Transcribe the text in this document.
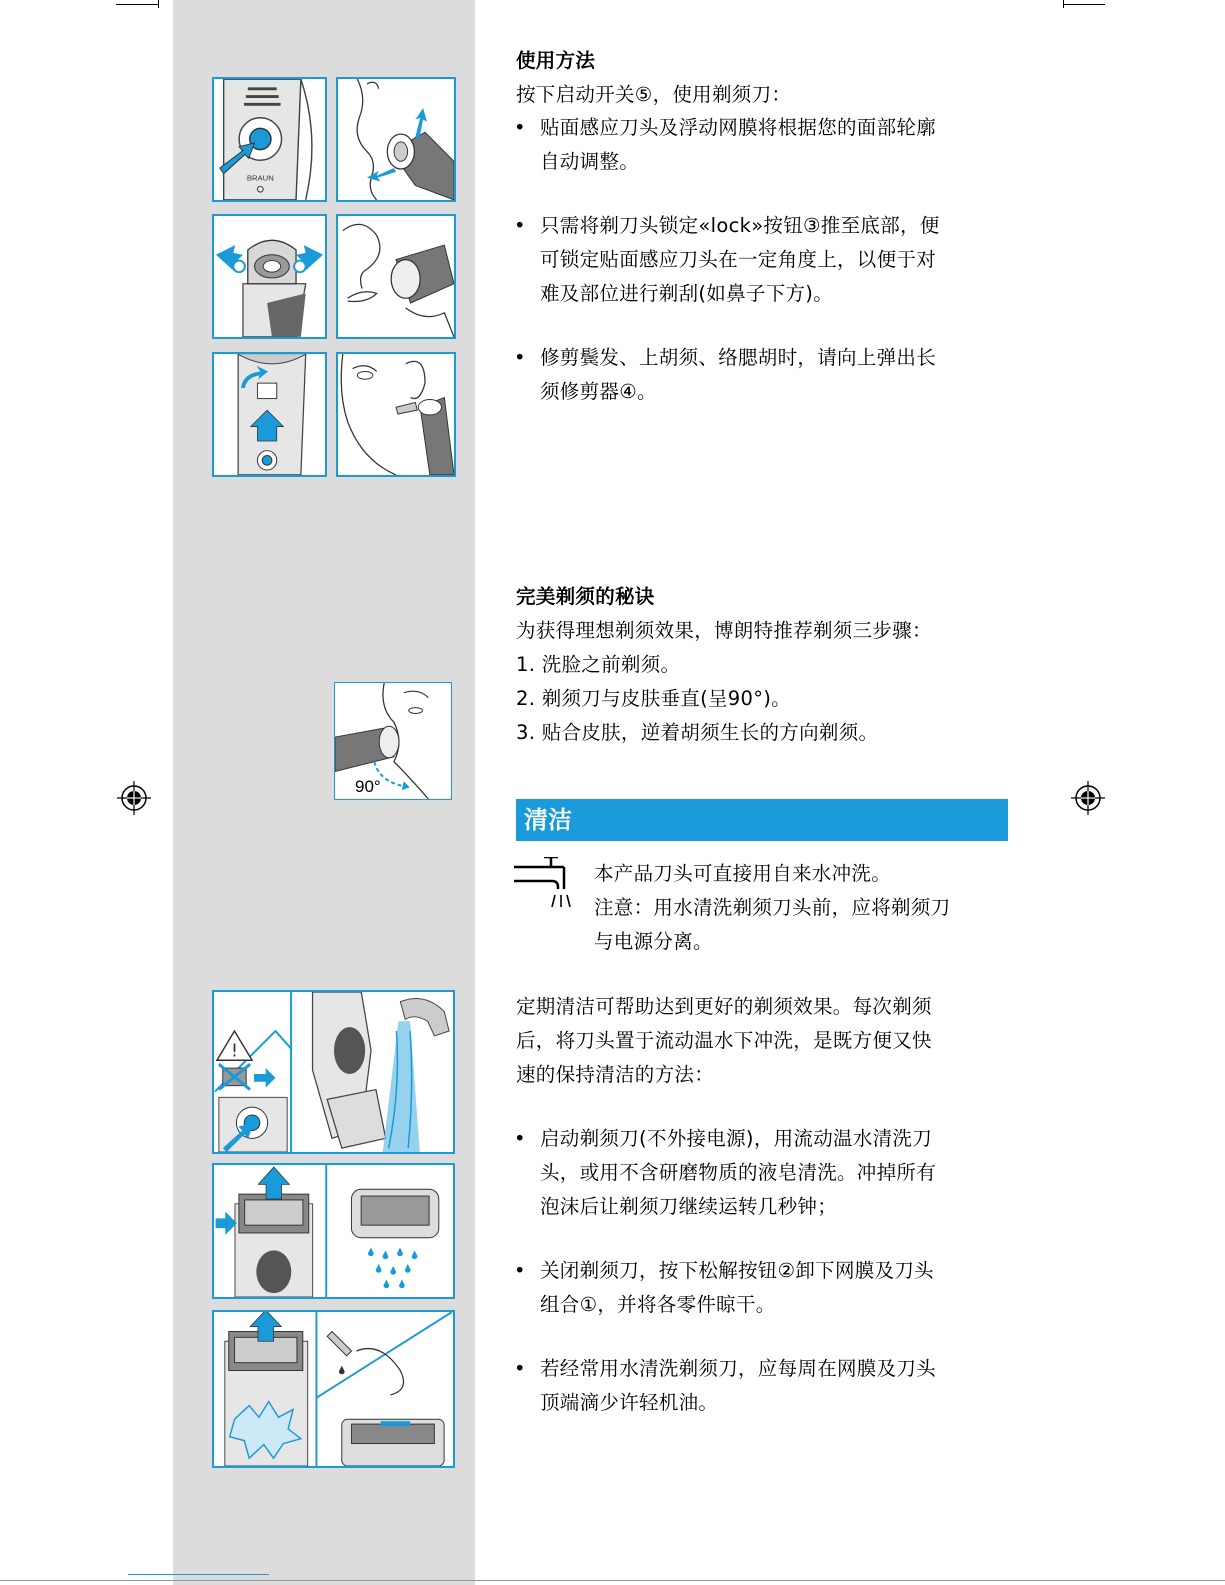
BRAUN
90°
!
使用方法
按下启动开关⑤，使用剃须刀：
• 贴面感应刀头及浮动网膜将根据您的面部轮廓
自动调整。
• 只需将剃刀头锁定«lock»按钮③推至底部，便
可锁定贴面感应刀头在一定角度上，以便于对
难及部位进行剃刮(如鼻子下方)。
• 修剪鬓发、上胡须、络腮胡时，请向上弹出长
须修剪器④。
完美剃须的秘诀
为获得理想剃须效果，博朗特推荐剃须三步骤：
1. 洗脸之前剃须。
2. 剃须刀与皮肤垂直(呈90°)。
3. 贴合皮肤，逆着胡须生长的方向剃须。
清洁
本产品刀头可直接用自来水冲洗。
注意：用水清洗剃须刀头前，应将剃须刀
与电源分离。
定期清洁可帮助达到更好的剃须效果。每次剃须
后，将刀头置于流动温水下冲洗，是既方便又快
速的保持清洁的方法：
• 启动剃须刀(不外接电源)，用流动温水清洗刀
头，或用不含研磨物质的液皂清洗。冲掉所有
泡沫后让剃须刀继续运转几秒钟；
• 关闭剃须刀，按下松解按钮②卸下网膜及刀头
组合①，并将各零件晾干。
• 若经常用水清洗剃须刀，应每周在网膜及刀头
顶端滴少许轻机油。
